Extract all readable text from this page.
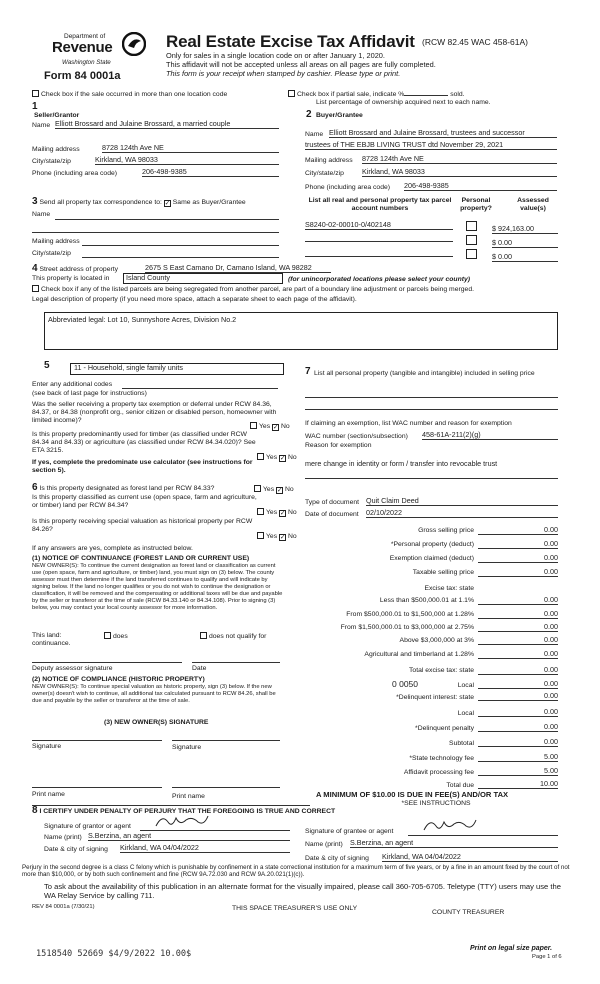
Department of
Revenue
Washington State
Form 84 0001a
Real Estate Excise Tax Affidavit (RCW 82.45 WAC 458-61A)
Only for sales in a single location code on or after January 1, 2020.
This affidavit will not be accepted unless all areas on all pages are fully completed.
This form is your receipt when stamped by cashier. Please type or print.
Check box if the sale occurred in more than one location code	Check box if partial sale, indicate %	sold.
List percentage of ownership acquired next to each name.
1
Seller/Grantor
Name Elliott Brossard and Julaine Brossard, a married couple
Mailing address	8728 124th Ave NE
City/state/zip	Kirkland, WA 98033
Phone (including area code)	206-498-9385
2 Buyer/Grantee
Name Elliott Brossard and Julaine Brossard, trustees and successor
trustees of THE EBJB LIVING TRUST dtd November 29, 2021
Mailing address 8728 124th Ave NE
City/state/zip	Kirkland, WA 98033
Phone (including area code) 206-498-9385
3 Send all property tax correspondence to: ✓ Same as Buyer/Grantee
Name
Mailing address
City/state/zip
List all real and personal property tax parcel account numbers
Personal property?
Assessed value(s)
S8240-02-00010-0/402148	$ 924,163.00
$ 0.00
$ 0.00
4 Street address of property	2675 S East Camano Dr, Camano Island, WA 98282
This property is located in	Island County	(for unincorporated locations please select your county)
Check box if any of the listed parcels are being segregated from another parcel, are part of a boundary line adjustment or parcels being merged.
Legal description of property (if you need more space, attach a separate sheet to each page of the affidavit).
Abbreviated legal: Lot 10, Sunnyshore Acres, Division No.2
5	11 - Household, single family units
Enter any additional codes
(see back of last page for instructions)
Was the seller receiving a property tax exemption or deferral under RCW 84.36, 84.37, or 84.38 (nonprofit org., senior citizen or disabled person, homeowner with limited income)?
Yes ✓ No
Is this property predominantly used for timber (as classified under RCW 84.34 and 84.33) or agriculture (as classified under RCW 84.34.020)? See ETA 3215.
Yes ✓ No
If yes, complete the predominate use calculator (see instructions for section 5).
6 Is this property designated as forest land per RCW 84.33?	Yes ✓ No
Is this property classified as current use (open space, farm and agriculture, or timber) land per RCW 84.34?
Yes ✓ No
Is this property receiving special valuation as historical property per RCW 84.26?
Yes ✓ No
If any answers are yes, complete as instructed below.
(1) NOTICE OF CONTINUANCE (FOREST LAND OR CURRENT USE)
NEW OWNER(S): To continue the current designation as forest land or classification as current use (open space, farm and agriculture, or timber) land, you must sign on (3) below. The county assessor must then determine if the land transferred continues to qualify and will indicate by signing below. If the land no longer qualifies or you do not wish to continue the designation or classification, it will be removed and the compensating or additional taxes will be due and payable by the seller or transferor at the time of sale (RCW 84.33.140 or 84.34.108). Prior to signing (3) below, you may contact your local county assessor for more information.
This land:
continuance.
does	does not qualify for
Deputy assessor signature	Date
(2) NOTICE OF COMPLIANCE (HISTORIC PROPERTY)
NEW OWNER(S): To continue special valuation as historic property, sign (3) below. If the new owner(s) doesn't wish to continue, all additional tax calculated pursuant to RCW 84.26, shall be due and payable by the seller or transferor at the time of sale.
(3) NEW OWNER(S) SIGNATURE
Signature	Signature
Print name	Print name
7 List all personal property (tangible and intangible) included in selling price
If claiming an exemption, list WAC number and reason for exemption
WAC number (section/subsection) 458-61A-211(2)(g)
Reason for exemption
mere change in identity or form / transfer into revocable trust
Type of document Quit Claim Deed
Date of document 02/10/2022
Gross selling price	0.00
*Personal property (deduct)	0.00
Exemption claimed (deduct)	0.00
Taxable selling price	0.00
Excise tax: state
Less than $500,000.01 at 1.1%	0.00
From $500,000.01 to $1,500,000 at 1.28%	0.00
From $1,500,000.01 to $3,000,000 at 2.75%	0.00
Above $3,000,000 at 3%	0.00
Agricultural and timberland at 1.28%	0.00
Total excise tax: state	0.00
0 0050	Local	0.00
*Delinquent interest: state	0.00
Local	0.00
*Delinquent penalty	0.00
Subtotal	0.00
*State technology fee	5.00
Affidavit processing fee	5.00
Total due	10.00
A MINIMUM OF $10.00 IS DUE IN FEE(S) AND/OR TAX
*SEE INSTRUCTIONS
8 I CERTIFY UNDER PENALTY OF PERJURY THAT THE FOREGOING IS TRUE AND CORRECT
Signature of grantor or agent
Name (print) S.Berzina, an agent
Date & city of signing Kirkland, WA 04/04/2022
Signature of grantee or agent
Name (print) S.Berzina, an agent
Date & city of signing Kirkland, WA 04/04/2022
Perjury in the second degree is a class C felony which is punishable by confinement in a state correctional institution for a maximum term of five years, or by a fine in an amount fixed by the court of not more than $10,000, or by both such confinement and fine (RCW 9A.72.030 and RCW 9A.20.021(1)(c)).
To ask about the availability of this publication in an alternate format for the visually impaired, please call 360-705-6705. Teletype (TTY) users may use the WA Relay Service by calling 711.
REV 84 0001a (7/30/21)	THIS SPACE TREASURER'S USE ONLY
COUNTY TREASURER
1518540 52669 $4/9/2022 10.00$
Print on legal size paper.
Page 1 of 6
